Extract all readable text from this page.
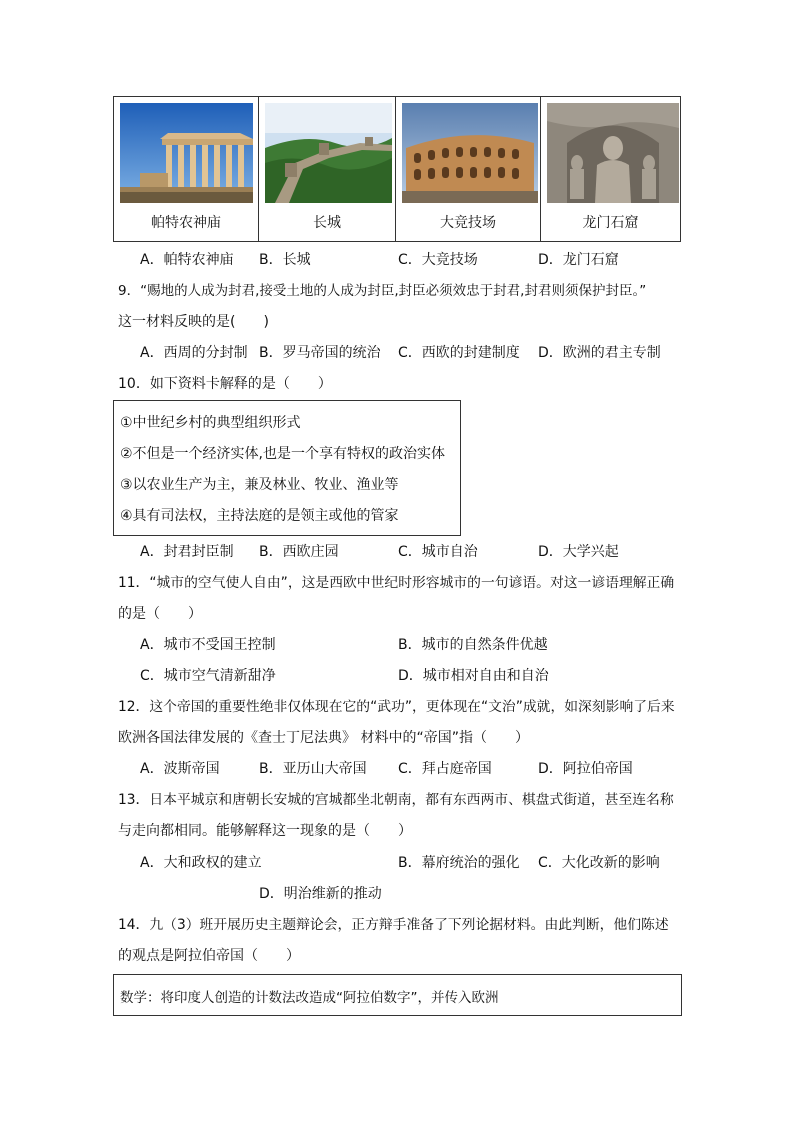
帕特农神庙	长城	大竞技场	龙门石窟
A．帕特农神庙 B．长城	C．大竞技场	D．龙门石窟
9．“赐地的人成为封君,接受土地的人成为封臣,封臣必须效忠于封君,封君则须保护封臣。”
这一材料反映的是(　　)
A．西周的分封制 B．罗马帝国的统治 C．西欧的封建制度 D．欧洲的君主专制
10．如下资料卡解释的是（　　）
①中世纪乡村的典型组织形式
②不但是一个经济实体,也是一个享有特权的政治实体
③以农业生产为主，兼及林业、牧业、渔业等
④具有司法权，主持法庭的是领主或他的管家
A．封君封臣制 B．西欧庄园	C．城市自治	D．大学兴起
11．“城市的空气使人自由”，这是西欧中世纪时形容城市的一句谚语。对这一谚语理解正确
的是（　　）
A．城市不受国王控制	B．城市的自然条件优越
C．城市空气清新甜净	D．城市相对自由和自治
12．这个帝国的重要性绝非仅体现在它的“武功”，更体现在“文治”成就，如深刻影响了后来
欧洲各国法律发展的《查士丁尼法典》 材料中的“帝国”指（　　）
A．波斯帝国	B．亚历山大帝国 C．拜占庭帝国	D．阿拉伯帝国
13．日本平城京和唐朝长安城的宫城都坐北朝南，都有东西两市、棋盘式街道，甚至连名称
与走向都相同。能够解释这一现象的是（　　）
A．大和政权的建立	B．幕府统治的强化 C．大化改新的影响
D．明治维新的推动
14．九（3）班开展历史主题辩论会，正方辩手准备了下列论据材料。由此判断，他们陈述
的观点是阿拉伯帝国（　　）
数学：将印度人创造的计数法改造成“阿拉伯数字”，并传入欧洲
